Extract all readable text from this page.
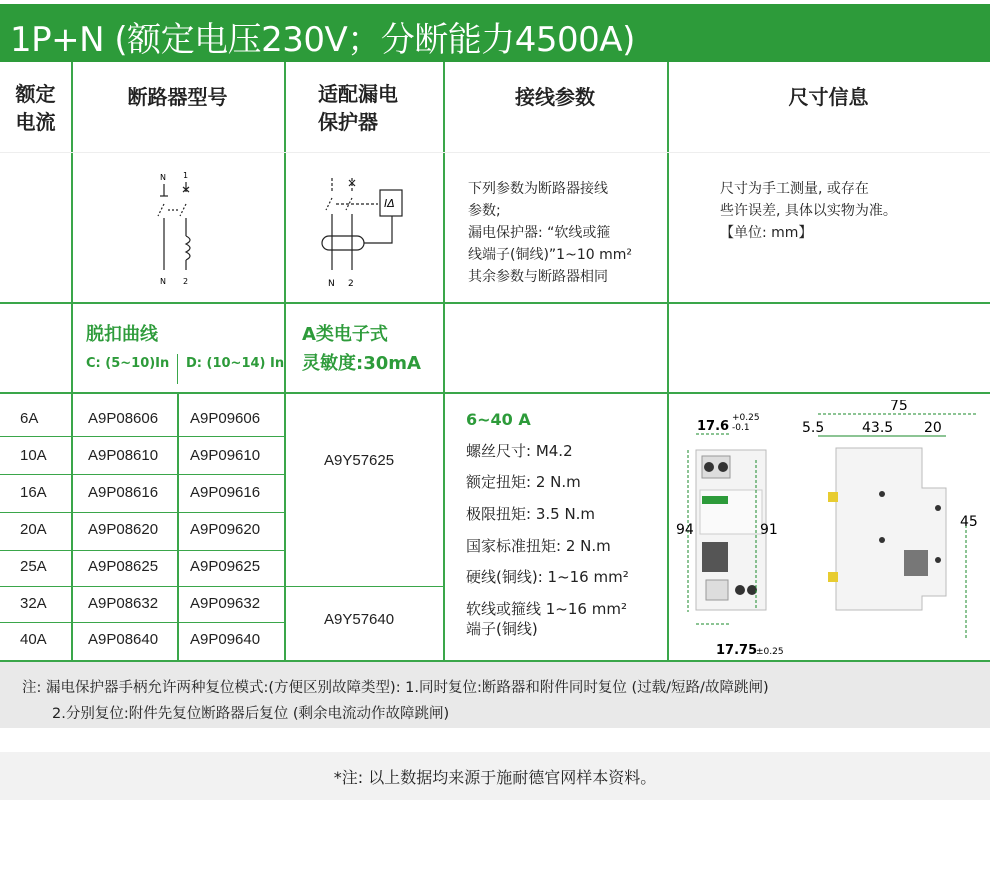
1P+N (额定电压230V；分断能力4500A)
额定
电流
断路器型号	适配漏电
保护器
接线参数	尺寸信息
N 1
N 2
IΔ
N 2
下列参数为断路器接线
参数;
漏电保护器: “软线或箍
线端子(铜线)”1~10 mm²
其余参数与断路器相同
尺寸为手工测量, 或存在
些许误差, 具体以实物为准。
【单位: mm】
脱扣曲线
C: (5~10)In D: (10~14) In
A类电子式
灵敏度:30mA
6A	A9P08606 A9P09606
10A	A9P08610 A9P09610
16A	A9P08616 A9P09616
20A	A9P08620 A9P09620
25A	A9P08625 A9P09625
32A	A9P08632 A9P09632
40A	A9P08640 A9P09640
A9Y57625
A9Y57640
6~40 A
螺丝尺寸: M4.2
额定扭矩: 2 N.m
极限扭矩: 3.5 N.m
国家标准扭矩: 2 N.m
硬线(铜线): 1~16 mm²
软线或箍线 1~16 mm²
端子(铜线)
17.6
+0.25
-0.1
94	91
17.75
±0.25
75
5.5	43.5 20
45
注: 漏电保护器手柄允许两种复位模式:(方便区别故障类型): 1.同时复位:断路器和附件同时复位 (过载/短路/故障跳闸)
2.分别复位:附件先复位断路器后复位 (剩余电流动作故障跳闸)
*注: 以上数据均来源于施耐德官网样本资料。
